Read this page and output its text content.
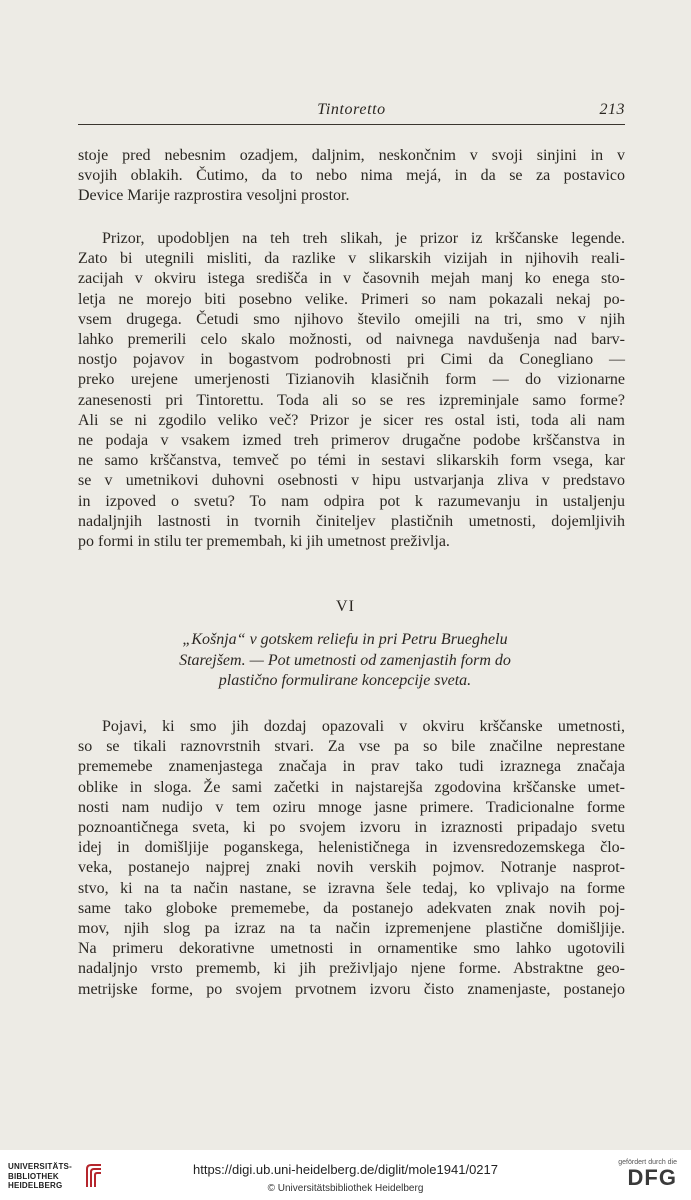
Tintoretto	213
stoje pred nebesnim ozadjem, daljnim, neskončnim v svoji sinjini in v
svojih oblakih. Čutimo, da to nebo nima mejá, in da se za postavico
Device Marije razprostira vesoljni prostor.
Prizor, upodobljen na teh treh slikah, je prizor iz krščanske legende.
Zato bi utegnili misliti, da razlike v slikarskih vizijah in njihovih reali-
zacijah v okviru istega središča in v časovnih mejah manj ko enega sto-
letja ne morejo biti posebno velike. Primeri so nam pokazali nekaj po-
vsem drugega. Četudi smo njihovo število omejili na tri, smo v njih
lahko premerili celo skalo možnosti, od naivnega navdušenja nad barv-
nostjo pojavov in bogastvom podrobnosti pri Cimi da Conegliano —
preko urejene umerjenosti Tizianovih klasičnih form — do vizionarne
zanesenosti pri Tintorettu. Toda ali so se res izpreminjale samo forme?
Ali se ni zgodilo veliko več? Prizor je sicer res ostal isti, toda ali nam
ne podaja v vsakem izmed treh primerov drugačne podobe krščanstva in
ne samo krščanstva, temveč po témi in sestavi slikarskih form vsega, kar
se v umetnikovi duhovni osebnosti v hipu ustvarjanja zliva v predstavo
in izpoved o svetu? To nam odpira pot k razumevanju in ustaljenju
nadaljnjih lastnosti in tvornih činiteljev plastičnih umetnosti, dojemljivih
po formi in stilu ter premembah, ki jih umetnost preživlja.
VI
„Košnja“ v gotskem reliefu in pri Petru Brueghelu
Starejšem. — Pot umetnosti od zamenjastih form do
plastično formulirane koncepcije sveta.
Pojavi, ki smo jih dozdaj opazovali v okviru krščanske umetnosti,
so se tikali raznovrstnih stvari. Za vse pa so bile značilne neprestane
prememebe znamenjastega značaja in prav tako tudi izraznega značaja
oblike in sloga. Že sami začetki in najstarejša zgodovina krščanske umet-
nosti nam nudijo v tem oziru mnoge jasne primere. Tradicionalne forme
poznoantičnega sveta, ki po svojem izvoru in izraznosti pripadajo svetu
idej in domišljije poganskega, helenističnega in izvensredozemskega člo-
veka, postanejo najprej znaki novih verskih pojmov. Notranje nasprot-
stvo, ki na ta način nastane, se izravna šele tedaj, ko vplivajo na forme
same tako globoke prememebe, da postanejo adekvaten znak novih poj-
mov, njih slog pa izraz na ta način izpremenjene plastične domišljije.
Na primeru dekorativne umetnosti in ornamentike smo lahko ugotovili
nadaljnjo vrsto prememb, ki jih preživljajo njene forme. Abstraktne geo-
metrijske forme, po svojem prvotnem izvoru čisto znamenjaste, postanejo
UNIVERSITÄTS-
BIBLIOTHEK
HEIDELBERG
https://digi.ub.uni-heidelberg.de/diglit/mole1941/0217
© Universitätsbibliothek Heidelberg
gefördert durch die
DFG
